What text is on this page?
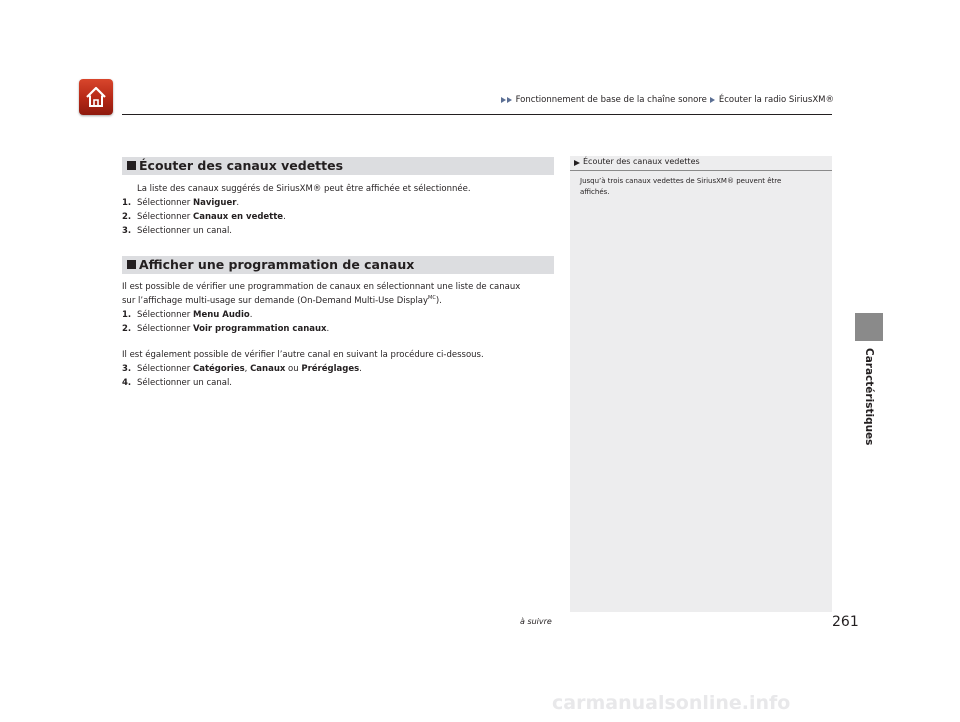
Fonctionnement de base de la chaîne sonore Écouter la radio SiriusXM®
Caractéristiques
Écouter des canaux vedettes
La liste des canaux suggérés de SiriusXM® peut être affichée et sélectionnée.
1. Sélectionner Naviguer.
2. Sélectionner Canaux en vedette.
3. Sélectionner un canal.
Afficher une programmation de canaux
Il est possible de vérifier une programmation de canaux en sélectionnant une liste de canaux
sur l’affichage multi-usage sur demande (On-Demand Multi-Use Display$^{MC}$).
1. Sélectionner Menu Audio.
2. Sélectionner Voir programmation canaux.
Il est également possible de vérifier l’autre canal en suivant la procédure ci-dessous.
3. Sélectionner Catégories, Canaux ou Préréglages.
4. Sélectionner un canal.
Écouter des canaux vedettes
Jusqu’à trois canaux vedettes de SiriusXM® peuvent être
affichés.
à suivre	261
carmanualsonline.info
